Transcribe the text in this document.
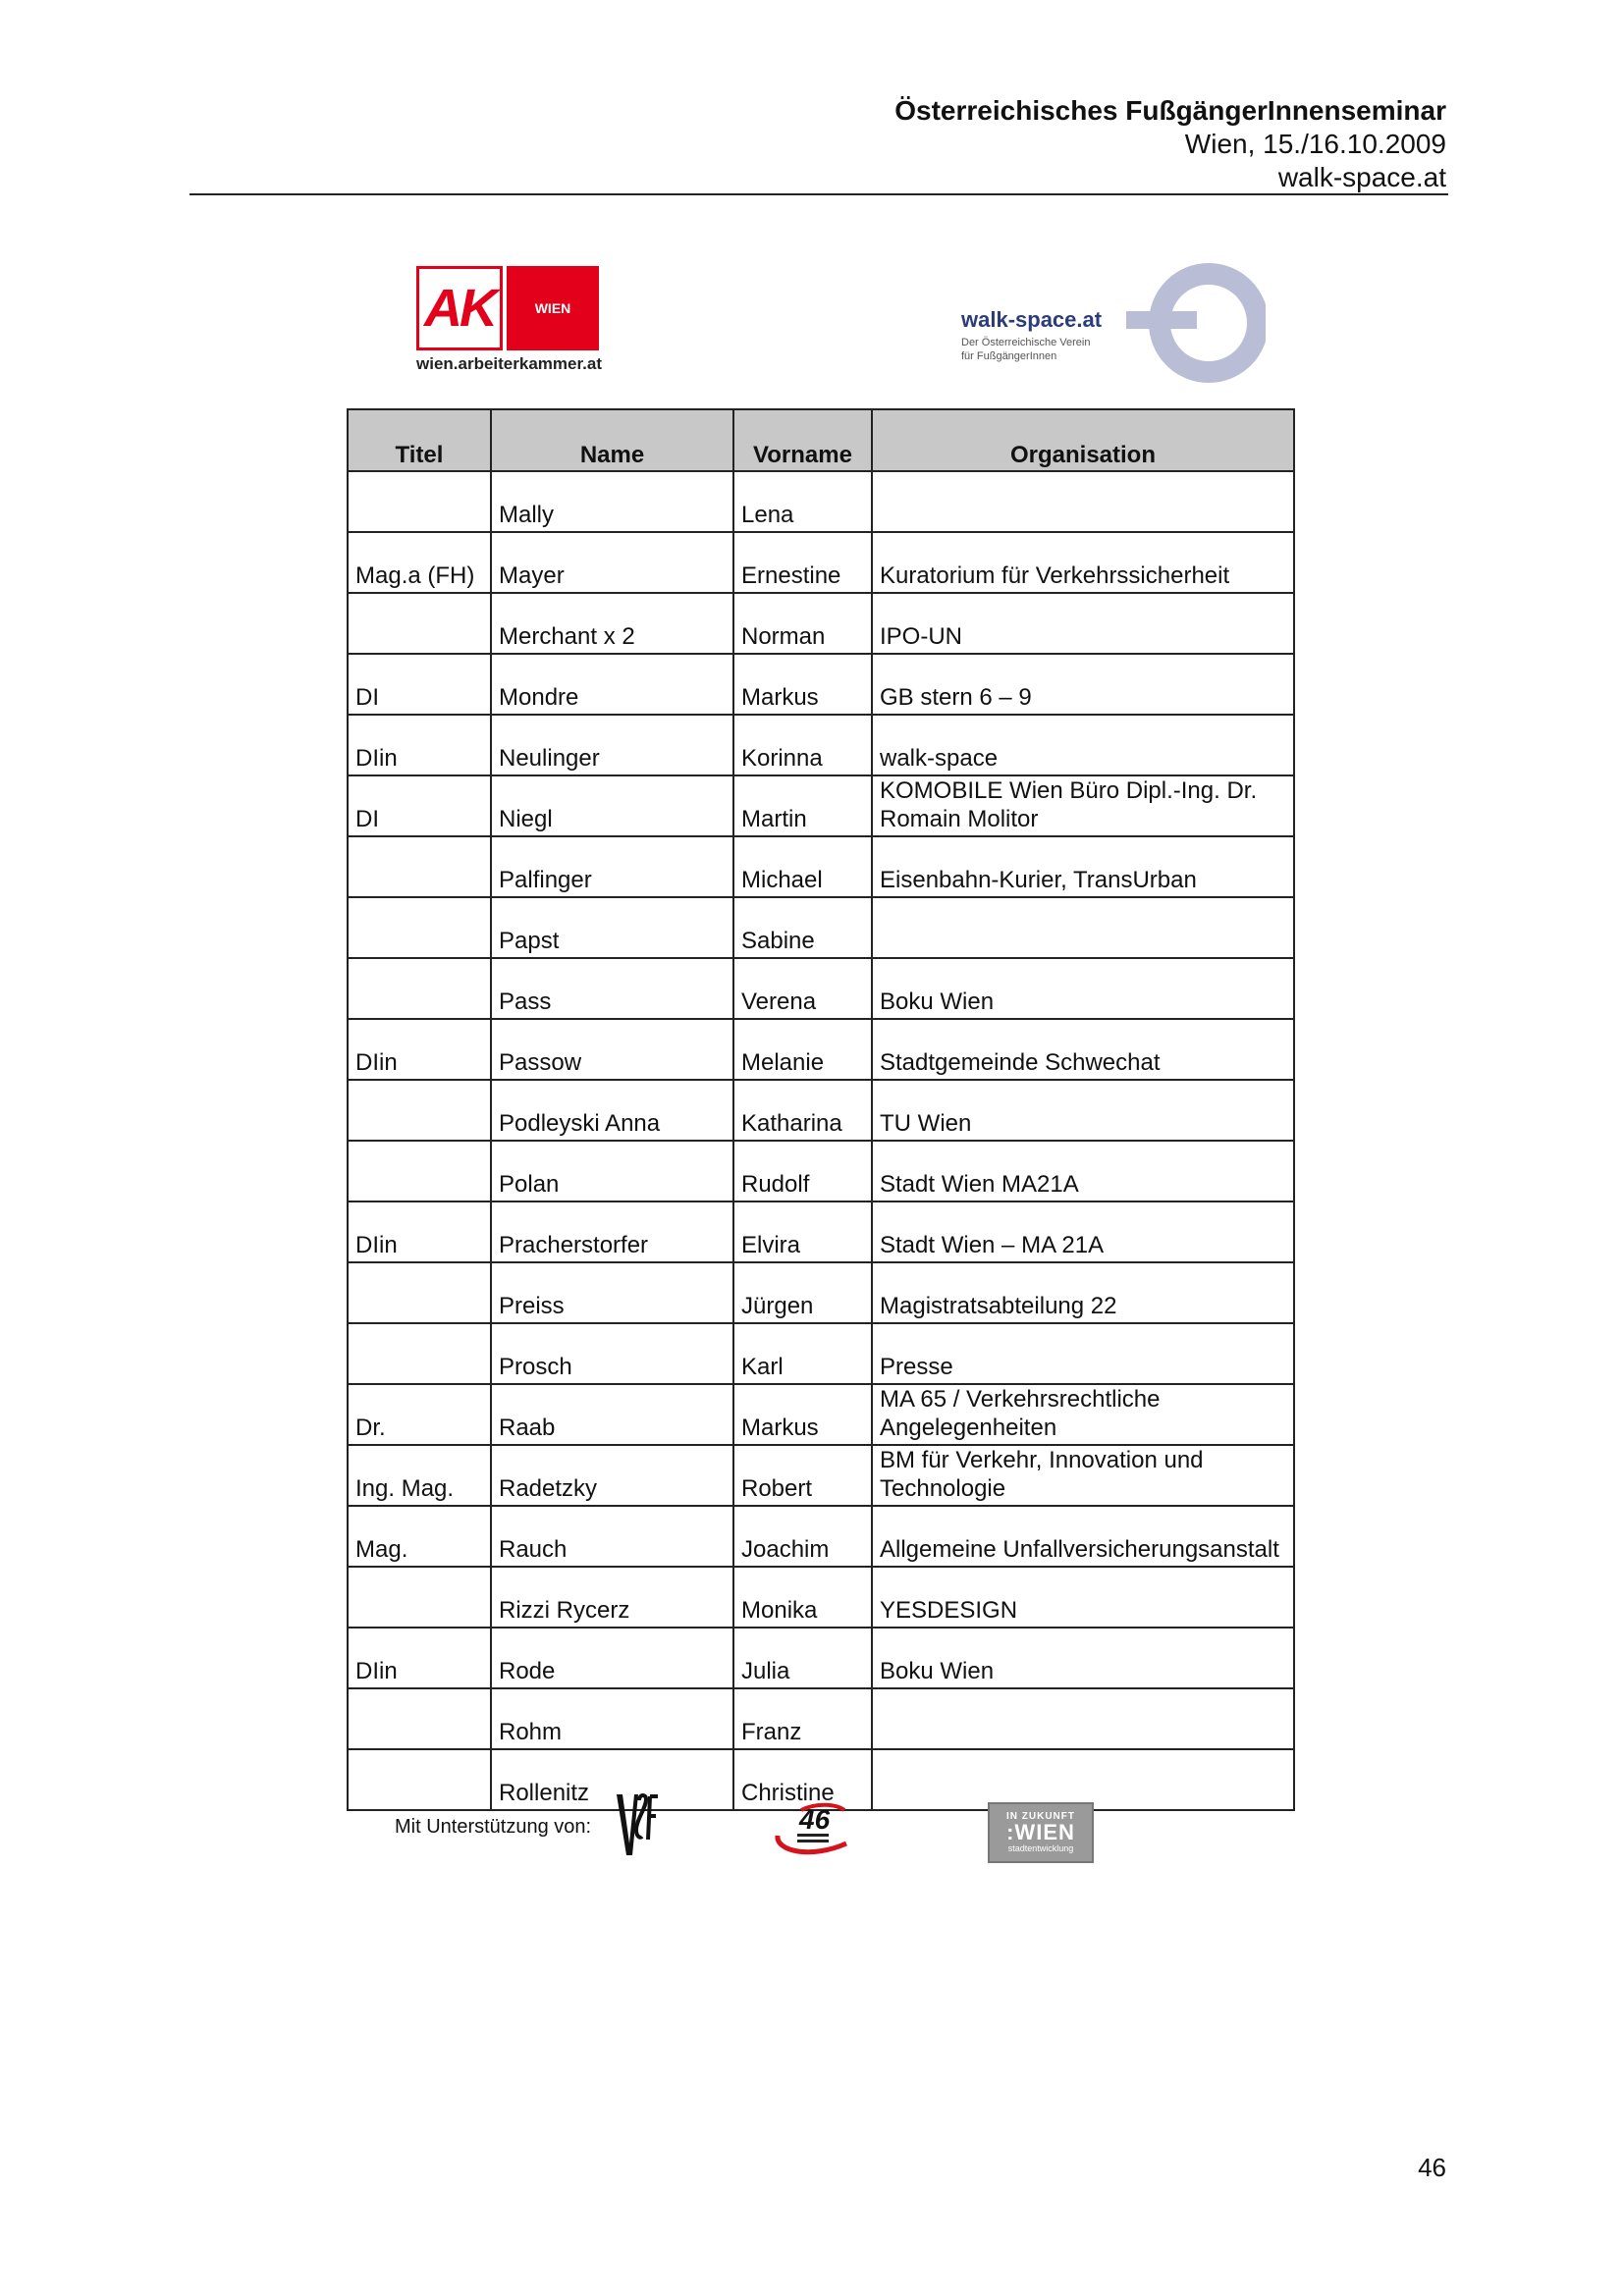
Österreichisches FußgängerInnenseminar
Wien, 15./16.10.2009
walk-space.at
AK	WIEN
wien.arbeiterkammer.at
walk-space.at
Der Österreichische Verein
für FußgängerInnen
Titel	Name	Vorname	Organisation
	Mally	Lena	
Mag.a (FH)	Mayer	Ernestine	Kuratorium für Verkehrssicherheit
	Merchant x 2	Norman	IPO-UN
DI	Mondre	Markus	GB stern 6 – 9
DIin	Neulinger	Korinna	walk-space
DI	Niegl	Martin	KOMOBILE Wien Büro Dipl.-Ing. Dr. Romain Molitor
	Palfinger	Michael	Eisenbahn-Kurier, TransUrban
	Papst	Sabine	
	Pass	Verena	Boku Wien
DIin	Passow	Melanie	Stadtgemeinde Schwechat
	Podleyski Anna	Katharina	TU Wien
	Polan	Rudolf	Stadt Wien MA21A
DIin	Pracherstorfer	Elvira	Stadt Wien – MA 21A
	Preiss	Jürgen	Magistratsabteilung 22
	Prosch	Karl	Presse
Dr.	Raab	Markus	MA 65 / Verkehrsrechtliche Angelegenheiten
Ing. Mag.	Radetzky	Robert	BM für Verkehr, Innovation und Technologie
Mag.	Rauch	Joachim	Allgemeine Unfallversicherungsanstalt
	Rizzi Rycerz	Monika	YESDESIGN
DIin	Rode	Julia	Boku Wien
	Rohm	Franz	
	Rollenitz	Christine	
Mit Unterstützung von:	46	IN ZUKUNFT
:WIEN
stadtentwicklung
46
